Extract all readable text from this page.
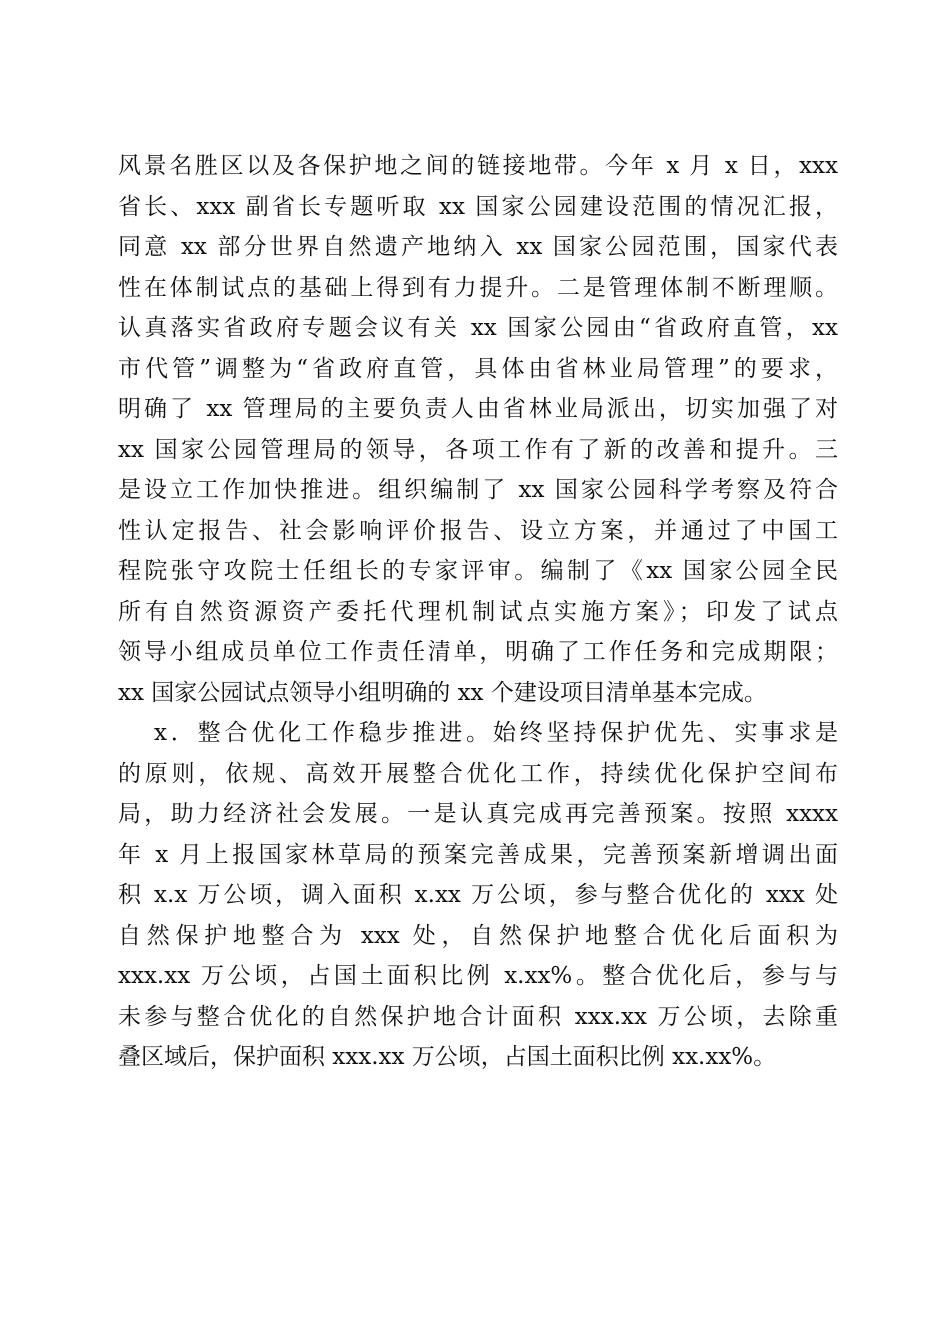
风景名胜区以及各保护地之间的链接地带。今年 x 月 x 日，xxx
省长、xxx 副省长专题听取 xx 国家公园建设范围的情况汇报，
同意 xx 部分世界自然遗产地纳入 xx 国家公园范围，国家代表
性在体制试点的基础上得到有力提升。二是管理体制不断理顺。
认真落实省政府专题会议有关 xx 国家公园由“省政府直管，xx
市代管”调整为“省政府直管，具体由省林业局管理”的要求，
明确了 xx 管理局的主要负责人由省林业局派出，切实加强了对
xx 国家公园管理局的领导，各项工作有了新的改善和提升。三
是设立工作加快推进。组织编制了 xx 国家公园科学考察及符合
性认定报告、社会影响评价报告、设立方案，并通过了中国工
程院张守攻院士任组长的专家评审。编制了《xx 国家公园全民
所有自然资源资产委托代理机制试点实施方案》；印发了试点
领导小组成员单位工作责任清单，明确了工作任务和完成期限；
xx 国家公园试点领导小组明确的 xx 个建设项目清单基本完成。
x．整合优化工作稳步推进。始终坚持保护优先、实事求是
的原则，依规、高效开展整合优化工作，持续优化保护空间布
局，助力经济社会发展。一是认真完成再完善预案。按照 xxxx
年 x 月上报国家林草局的预案完善成果，完善预案新增调出面
积 x.x 万公顷，调入面积 x.xx 万公顷，参与整合优化的 xxx 处
自然保护地整合为 xxx 处，自然保护地整合优化后面积为
xxx.xx 万公顷，占国土面积比例 x.xx%。整合优化后，参与与
未参与整合优化的自然保护地合计面积 xxx.xx 万公顷，去除重
叠区域后，保护面积 xxx.xx 万公顷，占国土面积比例 xx.xx%。
